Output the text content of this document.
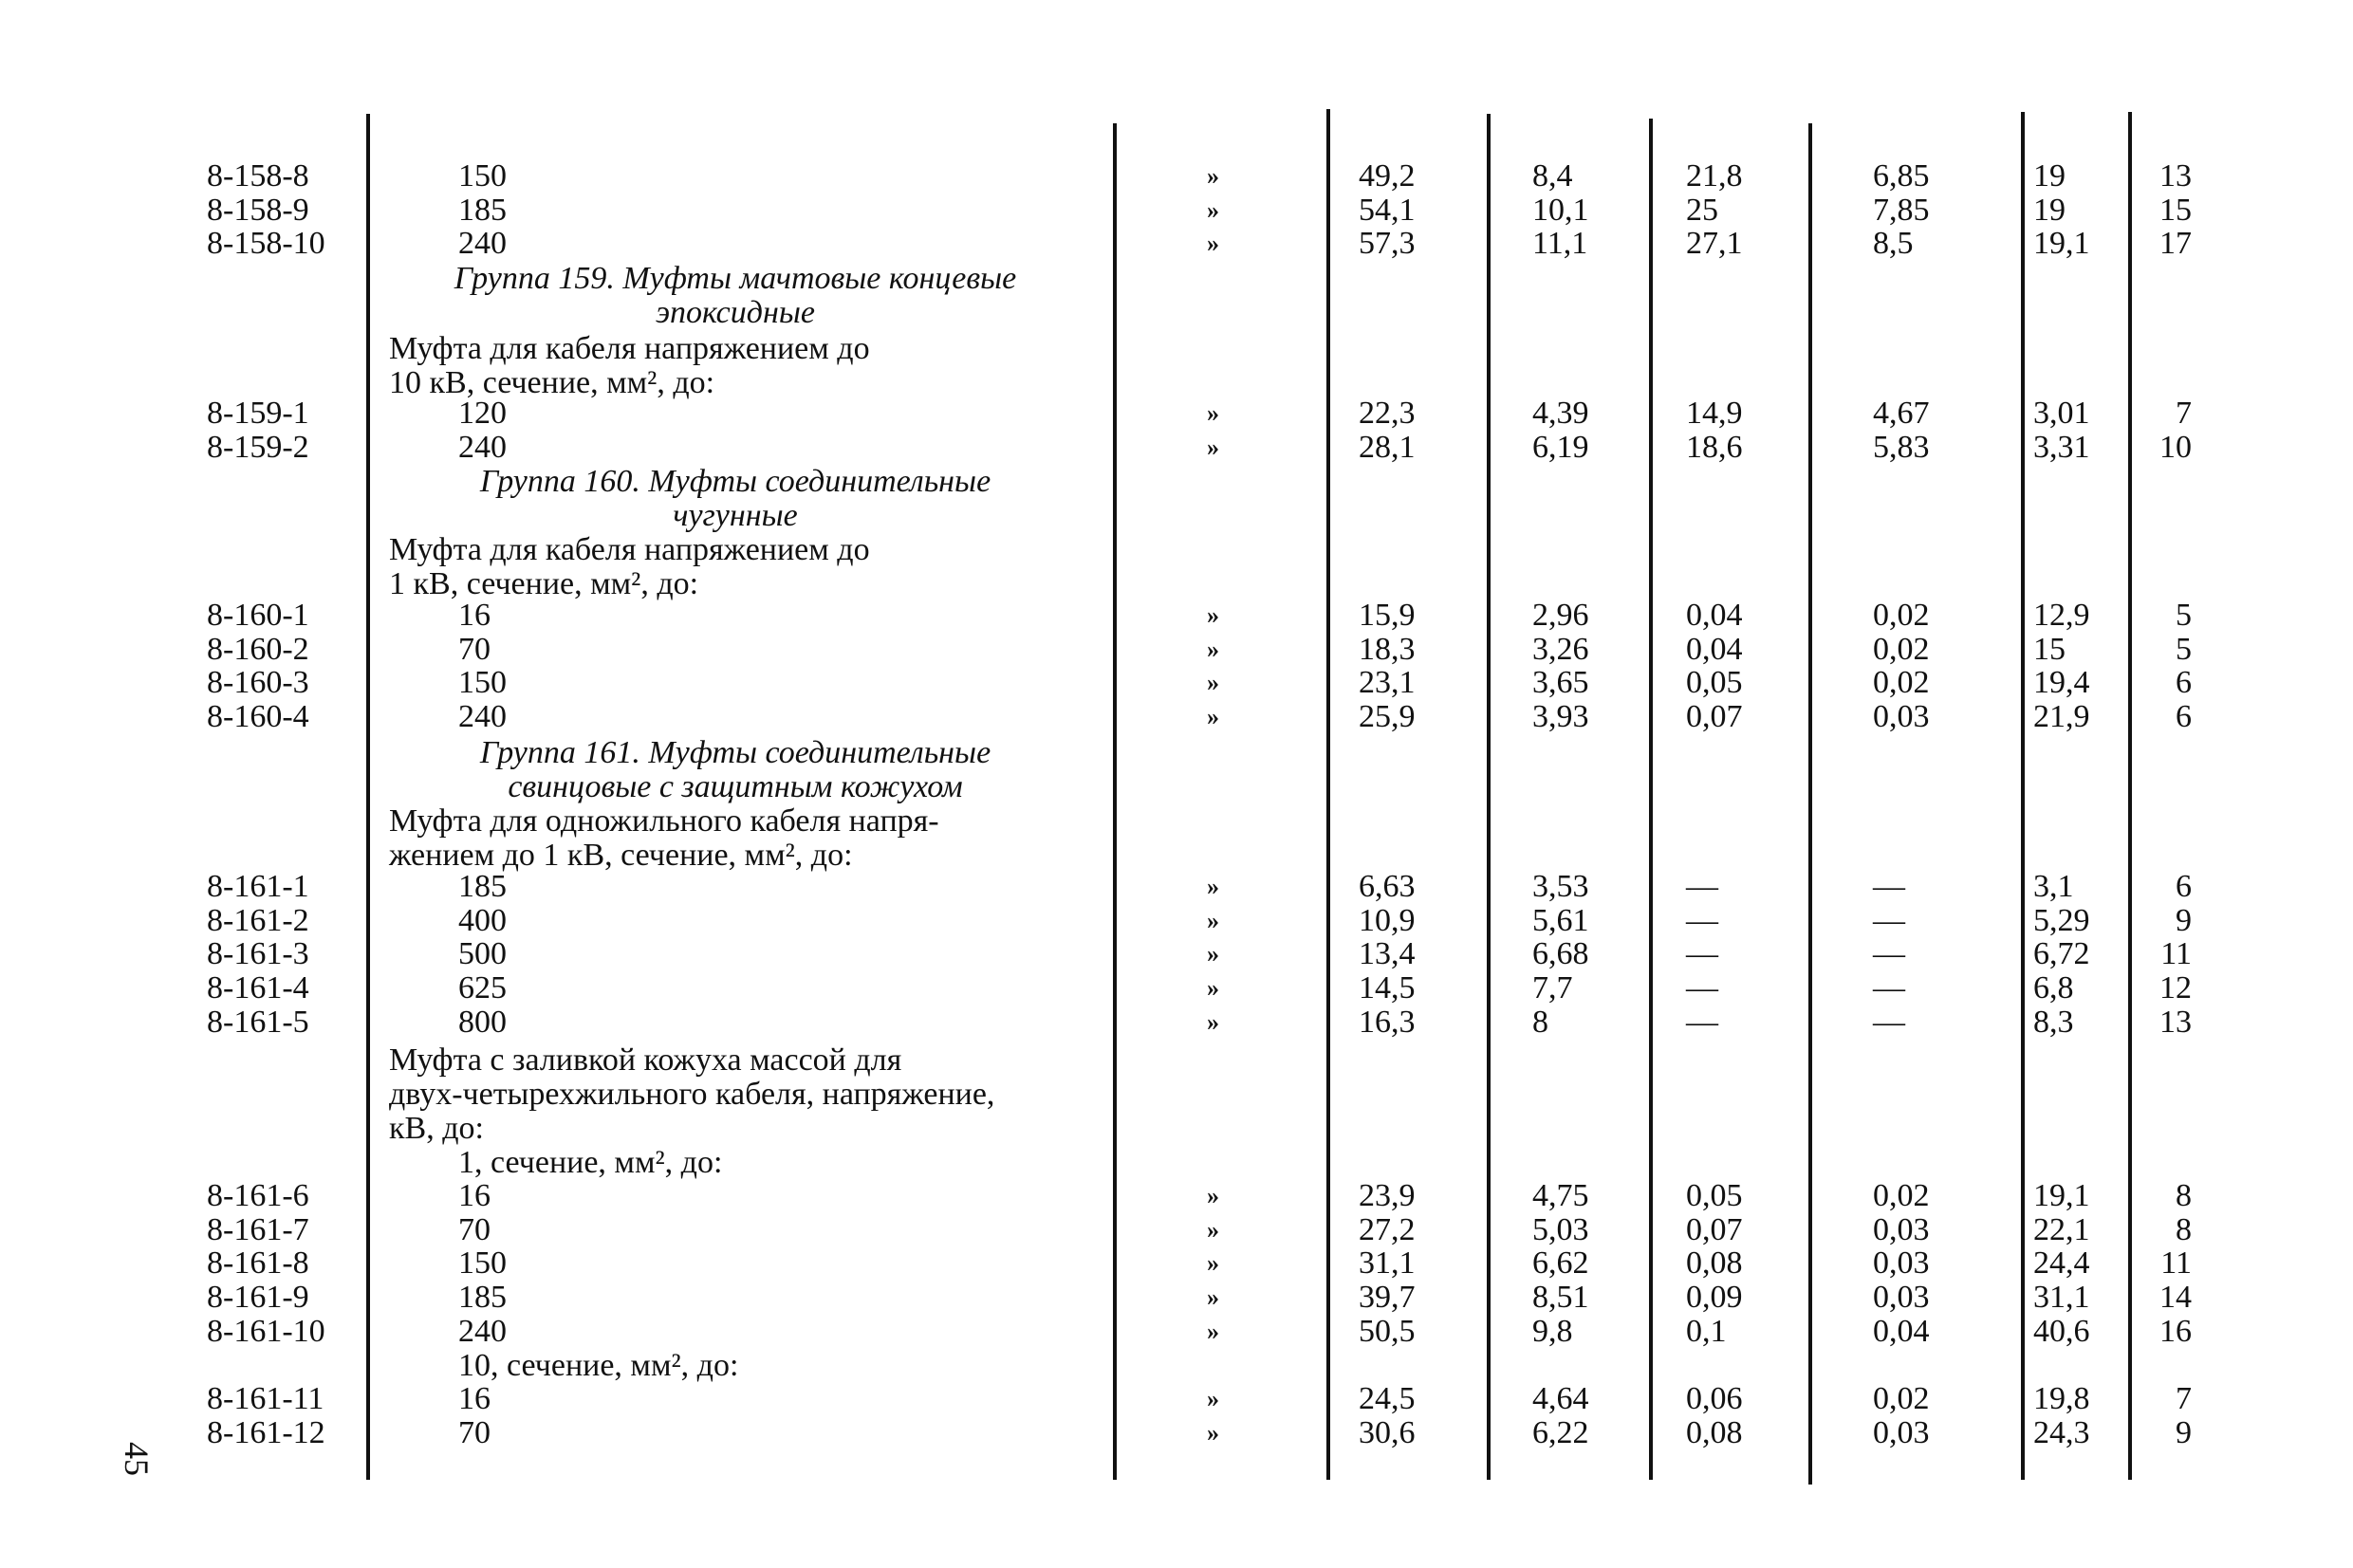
8-158-8	150	»	49,2	8,4	21,8	6,85	19	13
8-158-9	185	»	54,1	10,1	25	7,85	19	15
8-158-10	240	»	57,3	11,1	27,1	8,5	19,1 17
Группа 159. Муфты мачтовые концевые
эпоксидные
Муфта для кабеля напряжением до
10 кВ, сечение, мм², до:
8-159-1	120	»	22,3	4,39	14,9	4,67	3,01	7
8-159-2	240	»	28,1	6,19	18,6	5,83	3,31 10
Группа 160. Муфты соединительные
чугунные
Муфта для кабеля напряжением до
1 кВ, сечение, мм², до:
8-160-1	16	»	15,9	2,96	0,04	0,02	12,9	5
8-160-2	70	»	18,3	3,26	0,04	0,02	15	5
8-160-3	150	»	23,1	3,65	0,05	0,02	19,4	6
8-160-4	240	»	25,9	3,93	0,07	0,03	21,9	6
Группа 161. Муфты соединительные
свинцовые с защитным кожухом
Муфта для одножильного кабеля напря-
жением до 1 кВ, сечение, мм², до:
8-161-1	185	»	6,63	3,53	—	—	3,1	6
8-161-2	400	»	10,9	5,61	—	—	5,29	9
8-161-3	500	»	13,4	6,68	—	—	6,72 11
8-161-4	625	»	14,5	7,7	—	—	6,8	12
8-161-5	800	»	16,3	8	—	—	8,3	13
Муфта с заливкой кожуха массой для
двух-четырехжильного кабеля, напряжение,
кВ, до:
1, сечение, мм², до:
8-161-6	16	»	23,9	4,75	0,05	0,02	19,1	8
8-161-7	70	»	27,2	5,03	0,07	0,03	22,1	8
8-161-8	150	»	31,1	6,62	0,08	0,03	24,4 11
8-161-9	185	»	39,7	8,51	0,09	0,03	31,1 14
8-161-10	240	»	50,5	9,8	0,1	0,04	40,6 16
10, сечение, мм², до:
8-161-11	16	»	24,5	4,64	0,06	0,02	19,8	7
8-161-12	70	»	30,6	6,22	0,08	0,03	24,3	9
45
